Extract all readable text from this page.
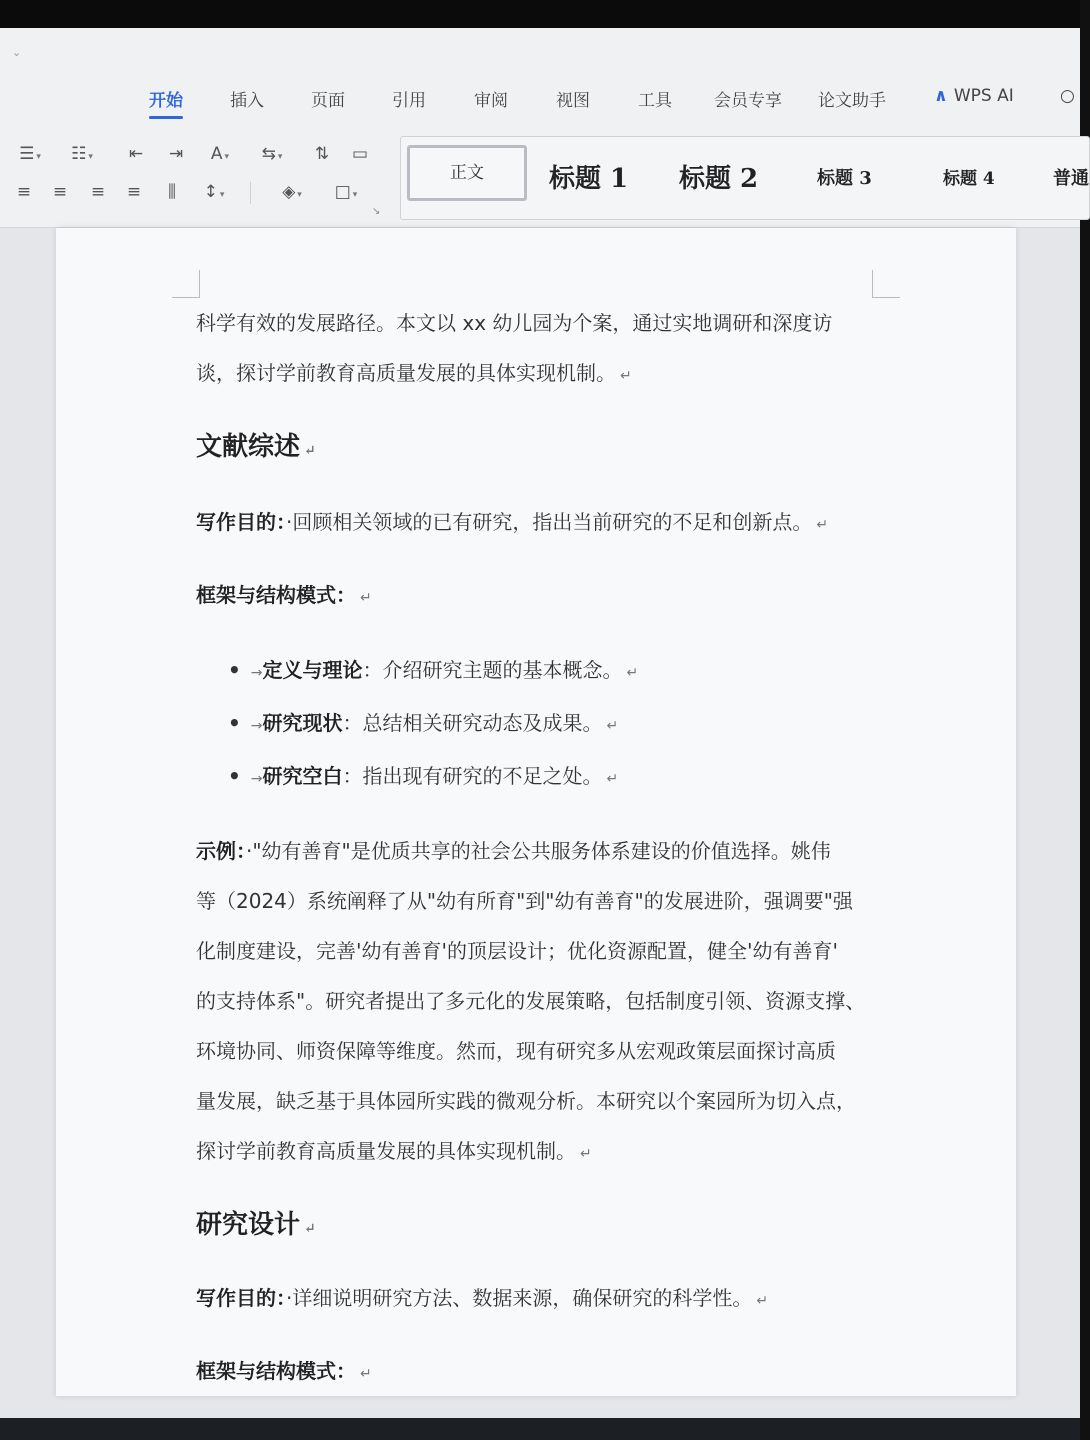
⌄
开始	插入	页面	引用	审阅	视图	工具 会员专享 论文助手	∧ WPS AI	○
☰ ▾	☷ ▾	⇤	⇥	A ▾	⇆ ▾	⇅	▭
≡	≡	≡	≡	⫼	↕ ▾	◈ ▾	□ ▾
↘
正文	标题 1 标题 2	标题 3	标题 4	普通
科学有效的发展路径。本文以 xx 幼儿园为个案，通过实地调研和深度访
谈，探讨学前教育高质量发展的具体实现机制。 ↵
文献综述 ↵
写作目的：·回顾相关领域的已有研究，指出当前研究的不足和创新点。 ↵
框架与结构模式： ↵
• →定义与理论：介绍研究主题的基本概念。 ↵
• →研究现状：总结相关研究动态及成果。 ↵
• →研究空白：指出现有研究的不足之处。 ↵
示例：·"幼有善育"是优质共享的社会公共服务体系建设的价值选择。姚伟
等（2024）系统阐释了从"幼有所育"到"幼有善育"的发展进阶，强调要"强
化制度建设，完善'幼有善育'的顶层设计；优化资源配置，健全'幼有善育'
的支持体系"。研究者提出了多元化的发展策略，包括制度引领、资源支撑、
环境协同、师资保障等维度。然而，现有研究多从宏观政策层面探讨高质
量发展，缺乏基于具体园所实践的微观分析。本研究以个案园所为切入点，
探讨学前教育高质量发展的具体实现机制。 ↵
研究设计 ↵
写作目的：·详细说明研究方法、数据来源，确保研究的科学性。 ↵
框架与结构模式： ↵
